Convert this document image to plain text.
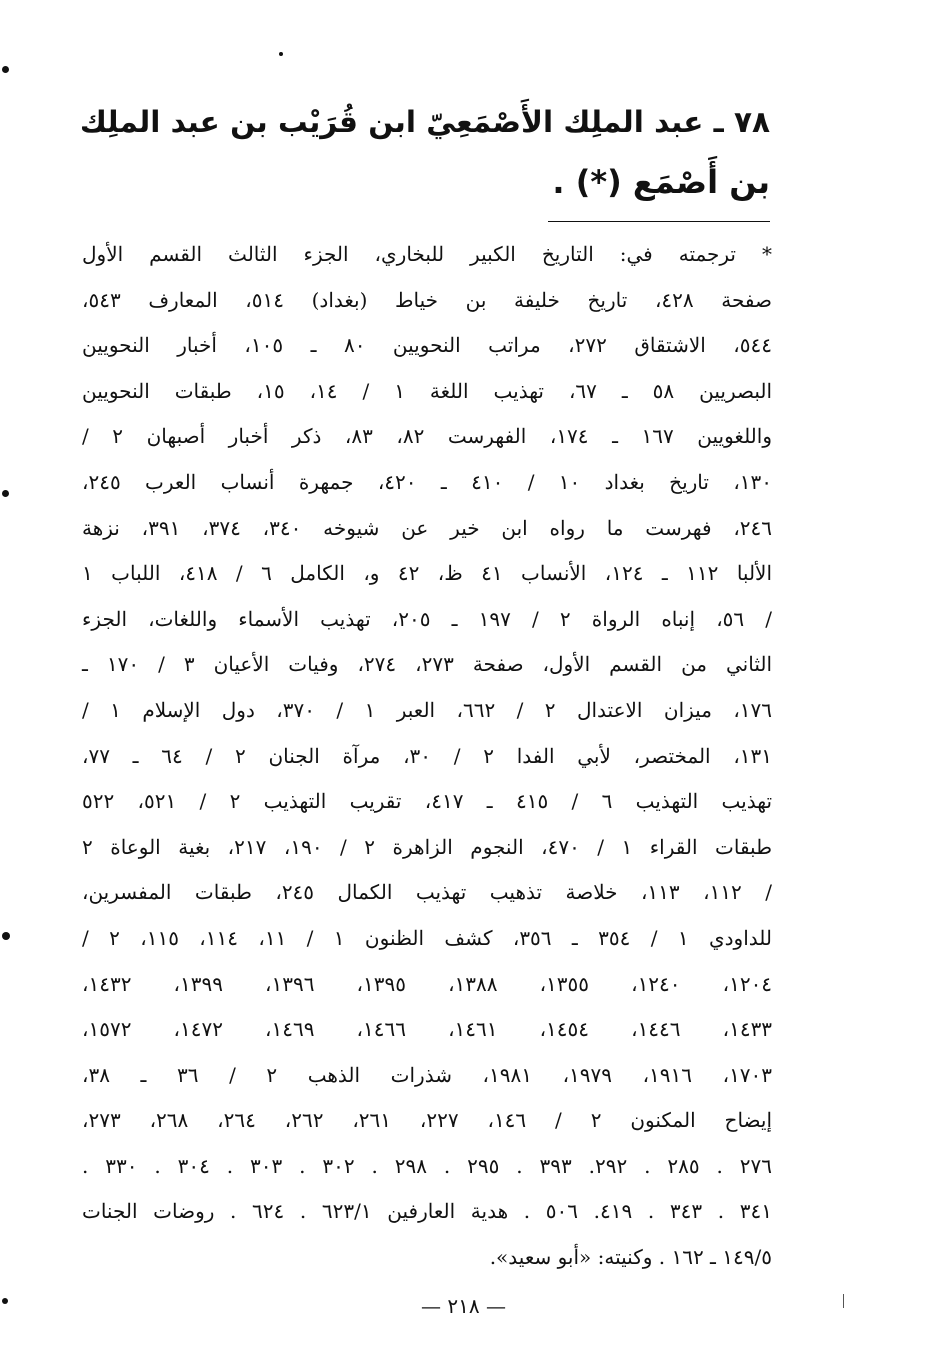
٧٨ ـ عبد الملِك الأَصْمَعِيّ ابن قُرَيْب بن عبد الملِك
بن أَصْمَع (*) .
* ترجمته في: التاريخ الكبير للبخاري، الجزء الثالث القسم الأول
صفحة ٤٢٨، تاريخ خليفة بن خياط (بغداد) ٥١٤، المعارف ٥٤٣،
٥٤٤، الاشتقاق ٢٧٢، مراتب النحويين ٨٠ ـ ١٠٥، أخبار النحويين
البصريين ٥٨ ـ ٦٧، تهذيب اللغة ١ / ١٤، ١٥، طبقات النحويين
واللغويين ١٦٧ ـ ١٧٤، الفهرست ٨٢، ٨٣، ذكر أخبار أصبهان ٢ /
١٣٠، تاريخ بغداد ١٠ / ٤١٠ ـ ٤٢٠، جمهرة أنساب العرب ٢٤٥،
٢٤٦، فهرست ما رواه ابن خير عن شيوخه ٣٤٠، ٣٧٤، ٣٩١، نزهة
الألبا ١١٢ ـ ١٢٤، الأنساب ٤١ ظ، ٤٢ و، الكامل ٦ / ٤١٨، اللباب ١
/ ٥٦، إنباه الرواة ٢ / ١٩٧ ـ ٢٠٥، تهذيب الأسماء واللغات، الجزء
الثاني من القسم الأول، صفحة ٢٧٣، ٢٧٤، وفيات الأعيان ٣ / ١٧٠ ـ
١٧٦، ميزان الاعتدال ٢ / ٦٦٢، العبر ١ / ٣٧٠، دول الإسلام ١ /
١٣١، المختصر، لأبي الفدا ٢ / ٣٠، مرآة الجنان ٢ / ٦٤ ـ ٧٧،
تهذيب التهذيب ٦ / ٤١٥ ـ ٤١٧، تقريب التهذيب ٢ / ٥٢١، ٥٢٢
طبقات القراء ١ / ٤٧٠، النجوم الزاهرة ٢ / ١٩٠، ٢١٧، بغية الوعاة ٢
/ ١١٢، ١١٣، خلاصة تذهيب تهذيب الكمال ٢٤٥، طبقات المفسرين،
للداودي ١ / ٣٥٤ ـ ٣٥٦، كشف الظنون ١ / ١١، ١١٤، ١١٥، ٢ /
١٢٠٤، ١٢٤٠، ١٣٥٥، ١٣٨٨، ١٣٩٥، ١٣٩٦، ١٣٩٩، ١٤٣٢،
١٤٣٣، ١٤٤٦، ١٤٥٤، ١٤٦١، ١٤٦٦، ١٤٦٩، ١٤٧٢، ١٥٧٢،
١٧٠٣، ١٩١٦، ١٩٧٩، ١٩٨١، شذرات الذهب ٢ / ٣٦ ـ ٣٨،
إيضاح المكنون ٢ / ١٤٦، ٢٢٧، ٢٦١، ٢٦٢، ٢٦٤، ٢٦٨، ٢٧٣،
٢٧٦ . ٢٨٥ . ٢٩٢. ٣٩٣ . ٢٩٥ . ٢٩٨ . ٣٠٢ . ٣٠٣ . ٣٠٤ . ٣٣٠ .
٣٤١ . ٣٤٣ . ٤١٩. ٥٠٦ . هدية العارفين ٦٢٣/١ . ٦٢٤ . روضات الجنات
١٤٩/٥ ـ ١٦٢ . وكنيته: «أبو سعيد».
— ٢١٨ —
